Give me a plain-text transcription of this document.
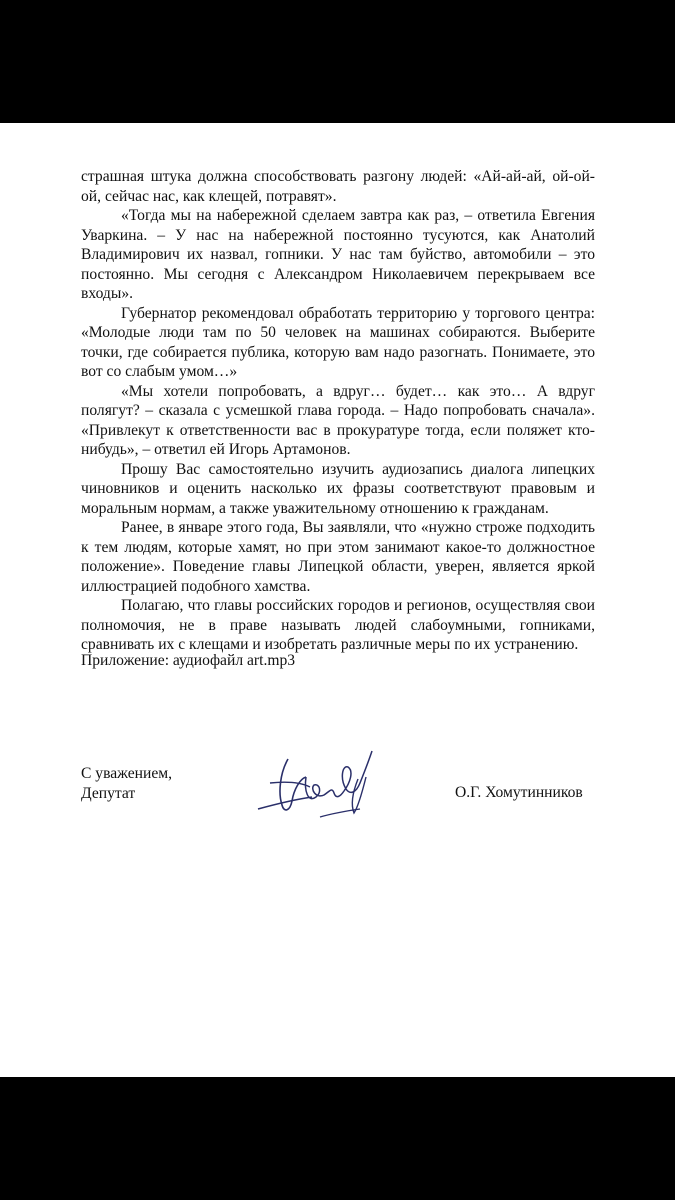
страшная штука должна способствовать разгону людей: «Ай-ай-ай, ой-ой-ой, сейчас нас, как клещей, потравят».

«Тогда мы на набережной сделаем завтра как раз, – ответила Евгения Уваркина. – У нас на набережной постоянно тусуются, как Анатолий Владимирович их назвал, гопники. У нас там буйство, автомобили – это постоянно. Мы сегодня с Александром Николаевичем перекрываем все входы».

Губернатор рекомендовал обработать территорию у торгового центра: «Молодые люди там по 50 человек на машинах собираются. Выберите точки, где собирается публика, которую вам надо разогнать. Понимаете, это вот со слабым умом…»

«Мы хотели попробовать, а вдруг… будет… как это… А вдруг полягут? – сказала с усмешкой глава города. – Надо попробовать сначала». «Привлекут к ответственности вас в прокуратуре тогда, если поляжет кто-нибудь», – ответил ей Игорь Артамонов.

Прошу Вас самостоятельно изучить аудиозапись диалога липецких чиновников и оценить насколько их фразы соответствуют правовым и моральным нормам, а также уважительному отношению к гражданам.

Ранее, в январе этого года, Вы заявляли, что «нужно строже подходить к тем людям, которые хамят, но при этом занимают какое-то должностное положение». Поведение главы Липецкой области, уверен, является яркой иллюстрацией подобного хамства.

Полагаю, что главы российских городов и регионов, осуществляя свои полномочия, не в праве называть людей слабоумными, гопниками, сравнивать их с клещами и изобретать различные меры по их устранению.

Приложение: аудиофайл art.mp3
С уважением,
Депутат	О.Г. Хомутинников
